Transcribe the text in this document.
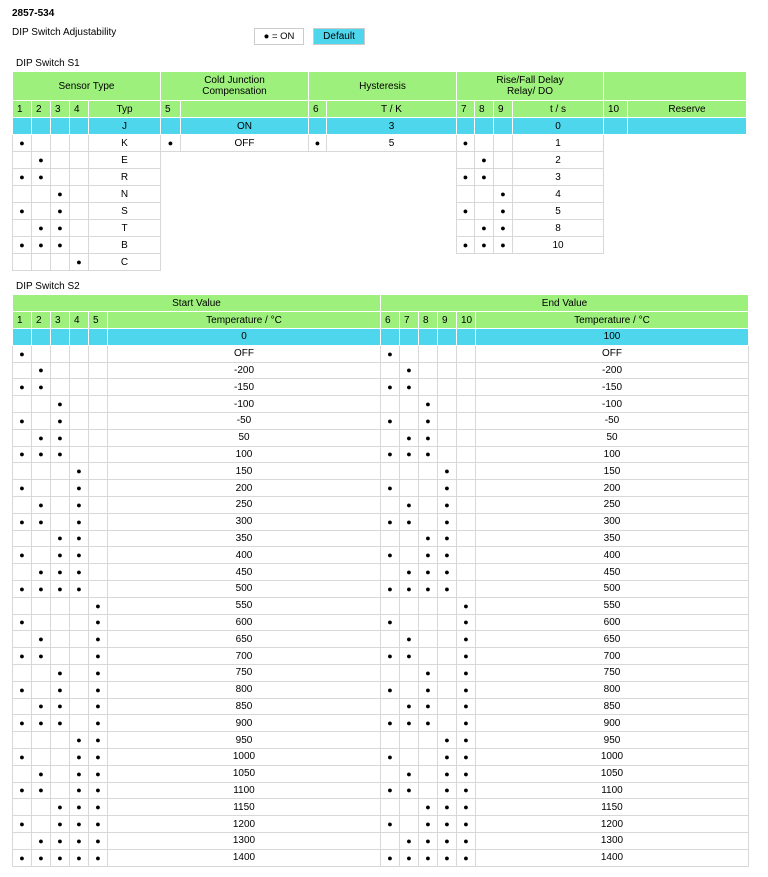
2857-534
DIP Switch Adjustability	● = ON	Default
DIP Switch S1
Sensor Type					Cold Junction
Compensation		Hysteresis		Rise/Fall Delay
Relay/ DO					
1	2	3	4	Typ	5		6	T / K	7	8	9	t / s	10	Reserve
				J		ON		3				0		
●				K	●	OFF	●	5	●			1		
	●			E						●		2		
●	●			R					●	●		3		
		●		N							●	4		
●		●		S					●		●	5		
	●	●		T						●	●	8		
●	●	●		B					●	●	●	10		
			●	C										
DIP Switch S2
Start Value						End Value					
1	2	3	4	5	Temperature / °C	6	7	8	9	10	Temperature / °C
					0						100
●					OFF	●					OFF
	●				-200		●				-200
●	●				-150	●	●				-150
		●			-100			●			-100
●		●			-50	●		●			-50
	●	●			50		●	●			50
●	●	●			100	●	●	●			100
			●		150				●		150
●			●		200	●			●		200
	●		●		250		●		●		250
●	●		●		300	●	●		●		300
		●	●		350			●	●		350
●		●	●		400	●		●	●		400
	●	●	●		450		●	●	●		450
●	●	●	●		500	●	●	●	●		500
				●	550					●	550
●				●	600	●				●	600
	●			●	650		●			●	650
●	●			●	700	●	●			●	700
		●		●	750			●		●	750
●		●		●	800	●		●		●	800
	●	●		●	850		●	●		●	850
●	●	●		●	900	●	●	●		●	900
			●	●	950				●	●	950
●			●	●	1000	●			●	●	1000
	●		●	●	1050		●		●	●	1050
●	●		●	●	1100	●	●		●	●	1100
		●	●	●	1150			●	●	●	1150
●		●	●	●	1200	●		●	●	●	1200
	●	●	●	●	1300		●	●	●	●	1300
●	●	●	●	●	1400	●	●	●	●	●	1400
